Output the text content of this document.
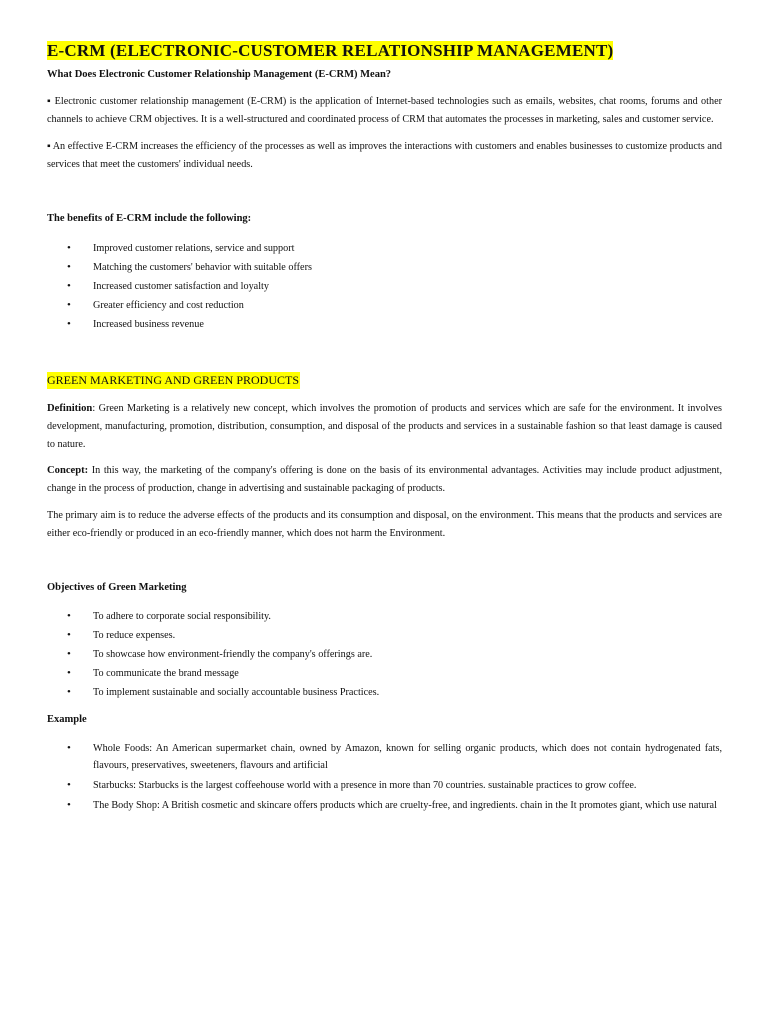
E-CRM (ELECTRONIC-CUSTOMER RELATIONSHIP MANAGEMENT)
What Does Electronic Customer Relationship Management (E-CRM) Mean?

▪ Electronic customer relationship management (E-CRM) is the application of Internet-based technologies such as emails, websites, chat rooms, forums and other channels to achieve CRM objectives. It is a well-structured and coordinated process of CRM that automates the processes in marketing, sales and customer service.

▪ An effective E-CRM increases the efficiency of the processes as well as improves the interactions with customers and enables businesses to customize products and services that meet the customers' individual needs.

The benefits of E-CRM include the following:
• Improved customer relations, service and support
• Matching the customers' behavior with suitable offers
• Increased customer satisfaction and loyalty
• Greater efficiency and cost reduction
• Increased business revenue
GREEN MARKETING AND GREEN PRODUCTS

Definition: Green Marketing is a relatively new concept, which involves the promotion of products and services which are safe for the environment. It involves development, manufacturing, promotion, distribution, consumption, and disposal of the products and services in a sustainable fashion so that least damage is caused to nature.

Concept: In this way, the marketing of the company's offering is done on the basis of its environmental advantages. Activities may include product adjustment, change in the process of production, change in advertising and sustainable packaging of products.

The primary aim is to reduce the adverse effects of the products and its consumption and disposal, on the environment. This means that the products and services are either eco-friendly or produced in an eco-friendly manner, which does not harm the Environment.

Objectives of Green Marketing
• To adhere to corporate social responsibility.
• To reduce expenses.
• To showcase how environment-friendly the company's offerings are.
• To communicate the brand message
• To implement sustainable and socially accountable business Practices.
Example
• Whole Foods: An American supermarket chain, owned by Amazon, known for selling organic products, which does not contain hydrogenated fats, flavours, preservatives, sweeteners, flavours and artificial
• Starbucks: Starbucks is the largest coffeehouse world with a presence in more than 70 countries. sustainable practices to grow coffee.
• The Body Shop: A British cosmetic and skincare offers products which are cruelty-free, and ingredients. chain in the It promotes giant, which use natural
